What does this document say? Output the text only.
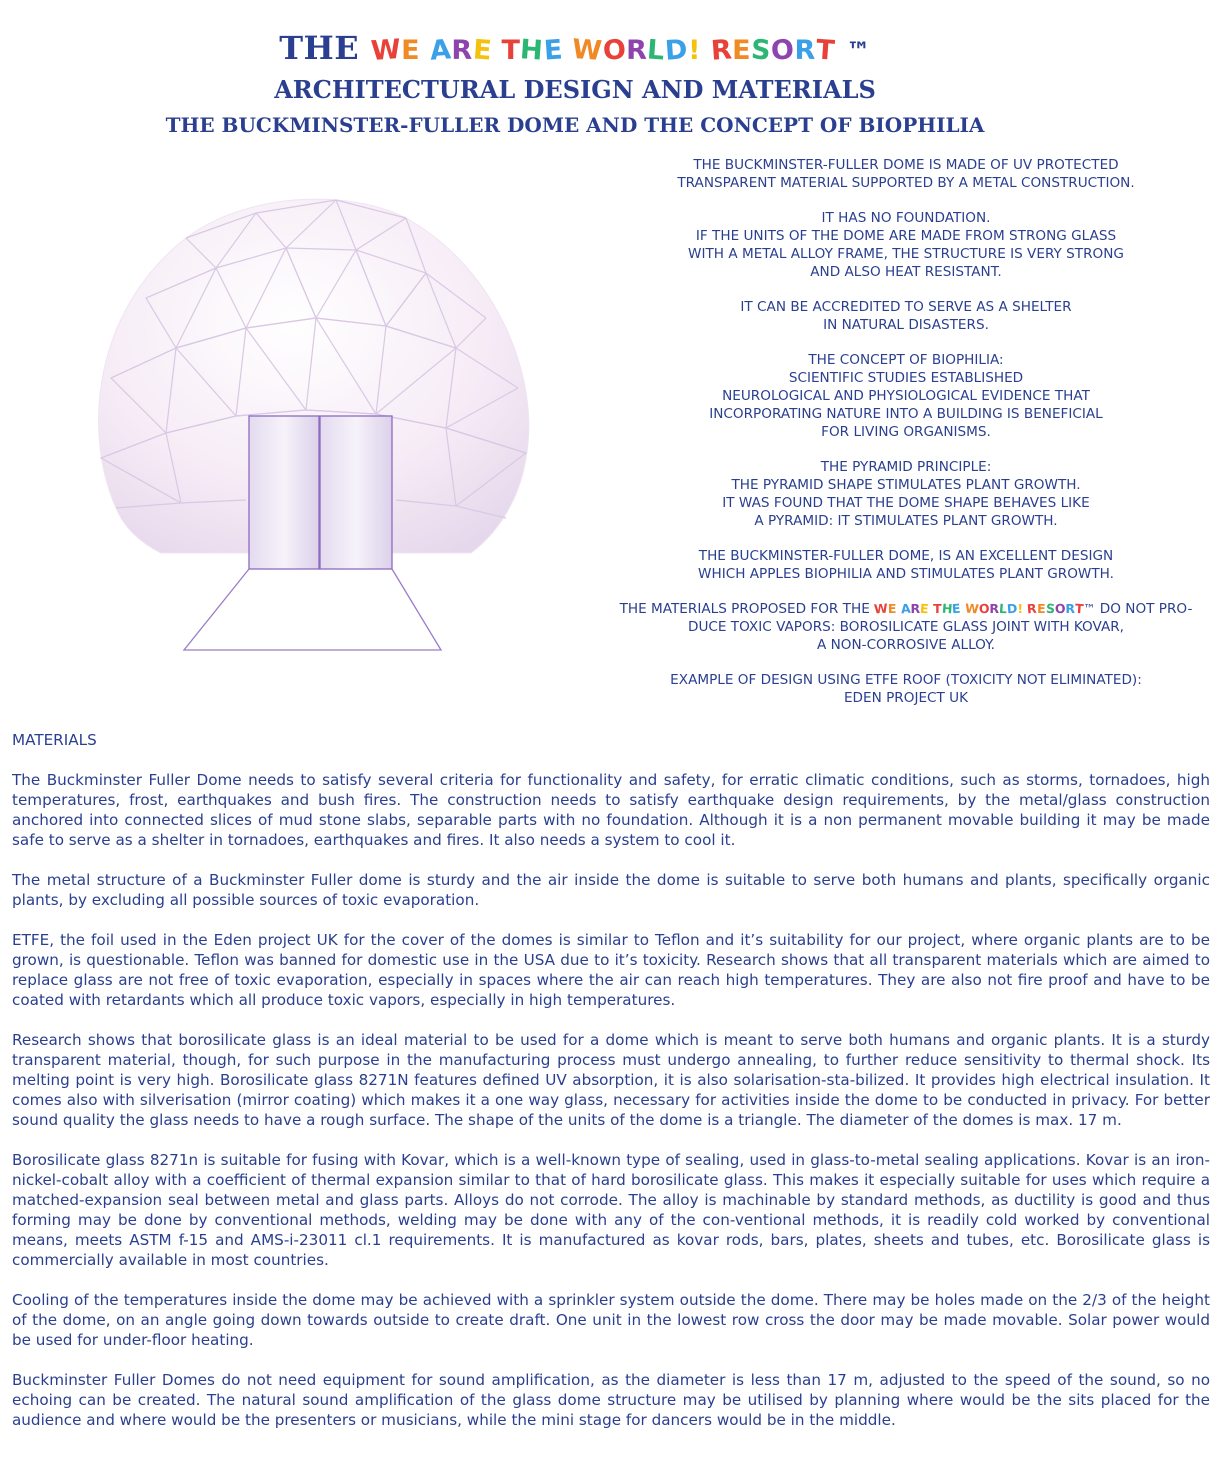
THE WE ARE THE WORLD! RESORT ™
ARCHITECTURAL DESIGN AND MATERIALS
THE BUCKMINSTER-FULLER DOME AND THE CONCEPT OF BIOPHILIA
THE BUCKMINSTER-FULLER DOME IS MADE OF UV PROTECTED
TRANSPARENT MATERIAL SUPPORTED BY A METAL CONSTRUCTION.
IT HAS NO FOUNDATION.
IF THE UNITS OF THE DOME ARE MADE FROM STRONG GLASS
WITH A METAL ALLOY FRAME, THE STRUCTURE IS VERY STRONG
AND ALSO HEAT RESISTANT.
IT CAN BE ACCREDITED TO SERVE AS A SHELTER
IN NATURAL DISASTERS.
THE CONCEPT OF BIOPHILIA:
SCIENTIFIC STUDIES ESTABLISHED
NEUROLOGICAL AND PHYSIOLOGICAL EVIDENCE THAT
INCORPORATING NATURE INTO A BUILDING IS BENEFICIAL
FOR LIVING ORGANISMS.
THE PYRAMID PRINCIPLE:
THE PYRAMID SHAPE STIMULATES PLANT GROWTH.
IT WAS FOUND THAT THE DOME SHAPE BEHAVES LIKE
A PYRAMID: IT STIMULATES PLANT GROWTH.
THE BUCKMINSTER-FULLER DOME, IS AN EXCELLENT DESIGN
WHICH APPLES BIOPHILIA AND STIMULATES PLANT GROWTH.
THE MATERIALS PROPOSED FOR THE WE ARE THE WORLD! RESORT™ DO NOT PRO-
DUCE TOXIC VAPORS: BOROSILICATE GLASS JOINT WITH KOVAR,
A NON-CORROSIVE ALLOY.
EXAMPLE OF DESIGN USING ETFE ROOF (TOXICITY NOT ELIMINATED):
EDEN PROJECT UK
MATERIALS
The Buckminster Fuller Dome needs to satisfy several criteria for functionality and safety, for erratic climatic conditions, such as storms, tornadoes, high temperatures, frost, earthquakes and bush fires. The construction needs to satisfy earthquake design requirements, by the metal/glass construction anchored into connected slices of mud stone slabs, separable parts with no foundation. Although it is a non permanent movable building it may be made safe to serve as a shelter in tornadoes, earthquakes and fires. It also needs a system to cool it.
The metal structure of a Buckminster Fuller dome is sturdy and the air inside the dome is suitable to serve both humans and plants, specifically organic plants, by excluding all possible sources of toxic evaporation.
ETFE, the foil used in the Eden project UK for the cover of the domes is similar to Teflon and it’s suitability for our project, where organic plants are to be grown, is questionable. Teflon was banned for domestic use in the USA due to it’s toxicity. Research shows that all transparent materials which are aimed to replace glass are not free of toxic evaporation, especially in spaces where the air can reach high temperatures. They are also not fire proof and have to be coated with retardants which all produce toxic vapors, especially in high temperatures.
Research shows that borosilicate glass is an ideal material to be used for a dome which is meant to serve both humans and organic plants. It is a sturdy transparent material, though, for such purpose in the manufacturing process must undergo annealing, to further reduce sensitivity to thermal shock. Its melting point is very high. Borosilicate glass 8271N features defined UV absorption, it is also solarisation-sta-bilized. It provides high electrical insulation. It comes also with silverisation (mirror coating) which makes it a one way glass, necessary for activities inside the dome to be conducted in privacy. For better sound quality the glass needs to have a rough surface. The shape of the units of the dome is a triangle. The diameter of the domes is max. 17 m.
Borosilicate glass 8271n is suitable for fusing with Kovar, which is a well-known type of sealing, used in glass-to-metal sealing applications. Kovar is an iron-nickel-cobalt alloy with a coefficient of thermal expansion similar to that of hard borosilicate glass. This makes it especially suitable for uses which require a matched-expansion seal between metal and glass parts. Alloys do not corrode. The alloy is machinable by standard methods, as ductility is good and thus forming may be done by conventional methods, welding may be done with any of the con-ventional methods, it is readily cold worked by conventional means, meets ASTM f-15 and AMS-i-23011 cl.1 requirements. It is manufactured as kovar rods, bars, plates, sheets and tubes, etc. Borosilicate glass is commercially available in most countries.
Cooling of the temperatures inside the dome may be achieved with a sprinkler system outside the dome. There may be holes made on the 2/3 of the height of the dome, on an angle going down towards outside to create draft. One unit in the lowest row cross the door may be made movable. Solar power would be used for under-floor heating.
Buckminster Fuller Domes do not need equipment for sound amplification, as the diameter is less than 17 m, adjusted to the speed of the sound, so no echoing can be created. The natural sound amplification of the glass dome structure may be utilised by planning where would be the sits placed for the audience and where would be the presenters or musicians, while the mini stage for dancers would be in the middle.
